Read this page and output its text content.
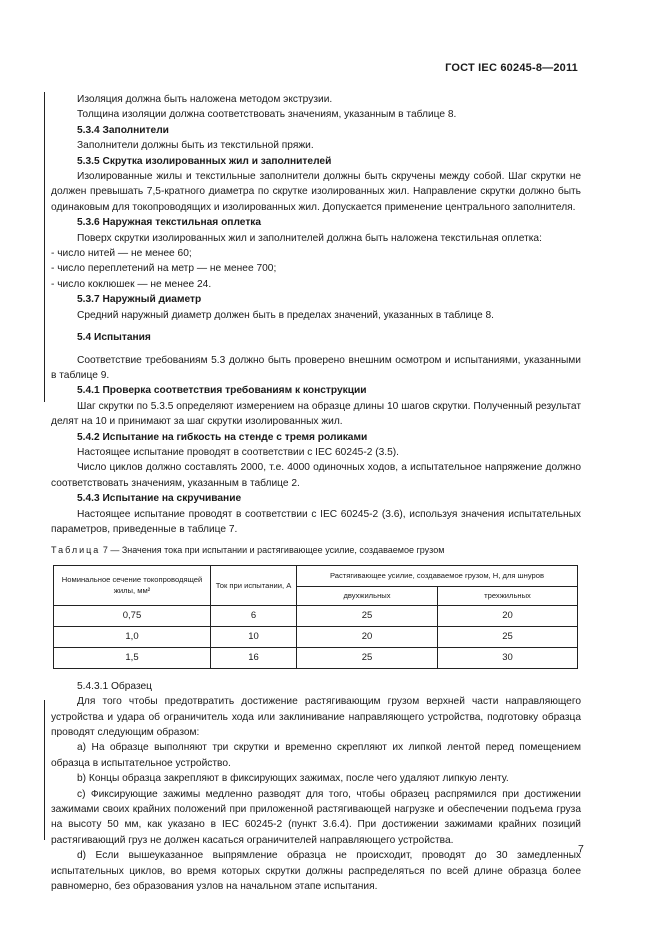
ГОСТ IEC 60245-8—2011

Изоляция должна быть наложена методом экструзии.

Толщина изоляции должна соответствовать значениям, указанным в таблице 8.

5.3.4 Заполнители

Заполнители должны быть из текстильной пряжи.

5.3.5 Скрутка изолированных жил и заполнителей

Изолированные жилы и текстильные заполнители должны быть скручены между собой. Шаг скрутки не должен превышать 7,5-кратного диаметра по скрутке изолированных жил. Направление скрутки должно быть одинаковым для токопроводящих и изолированных жил. Допускается применение центрального заполнителя.

5.3.6 Наружная текстильная оплетка

Поверх скрутки изолированных жил и заполнителей должна быть наложена текстильная оплетка:

- число нитей — не менее 60;

- число переплетений на метр — не менее 700;

- число коклюшек — не менее 24.

5.3.7 Наружный диаметр

Средний наружный диаметр должен быть в пределах значений, указанных в таблице 8.

5.4 Испытания

Соответствие требованиям 5.3 должно быть проверено внешним осмотром и испытаниями, указанными в таблице 9.

5.4.1 Проверка соответствия требованиям к конструкции

Шаг скрутки по 5.3.5 определяют измерением на образце длины 10 шагов скрутки. Полученный результат делят на 10 и принимают за шаг скрутки изолированных жил.

5.4.2 Испытание на гибкость на стенде с тремя роликами

Настоящее испытание проводят в соответствии с IEC 60245-2 (3.5).

Число циклов должно составлять 2000, т.е. 4000 одиночных ходов, а испытательное напряжение должно соответствовать значениям, указанным в таблице 2.

5.4.3 Испытание на скручивание

Настоящее испытание проводят в соответствии с IEC 60245-2 (3.6), используя значения испытательных параметров, приведенные в таблице 7.

Таблица 7 — Значения тока при испытании и растягивающее усилие, создаваемое грузом
Номинальное сечение токопроводящей жилы, мм²	Ток при испытании, А	Растягивающее усилие, создаваемое грузом, Н, для шнуров	
		двухжильных	трехжильных
0,75	6	25	20
1,0	10	20	25
1,5	16	25	30

5.4.3.1 Образец

Для того чтобы предотвратить достижение растягивающим грузом верхней части направляющего устройства и удара об ограничитель хода или заклинивание направляющего устройства, подготовку образца проводят следующим образом:

a) На образце выполняют три скрутки и временно скрепляют их липкой лентой перед помещением образца в испытательное устройство.

b) Концы образца закрепляют в фиксирующих зажимах, после чего удаляют липкую ленту.

c) Фиксирующие зажимы медленно разводят для того, чтобы образец распрямился при достижении зажимами своих крайних положений при приложенной растягивающей нагрузке и обеспечении подъема груза на высоту 50 мм, как указано в IEC 60245-2 (пункт 3.6.4). При достижении зажимами крайних позиций растягивающий груз не должен касаться ограничителей направляющего устройства.

d) Если вышеуказанное выпрямление образца не происходит, проводят до 30 замедленных испытательных циклов, во время которых скрутки должны распределяться по всей длине образца более равномерно, без образования узлов на начальном этапе испытания.

7
